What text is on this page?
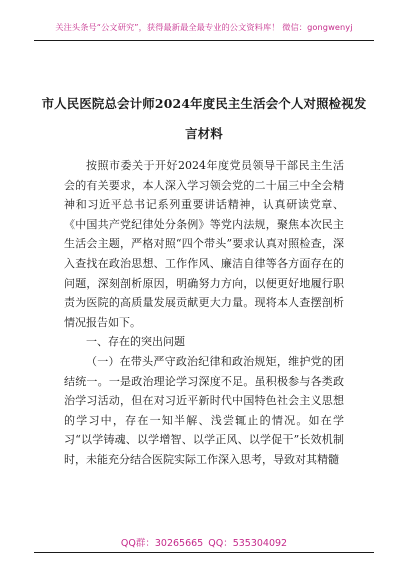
关注头条号“公文研究”，获得最新最全最专业的公文资料库！ 微信：gongwenyj
市人民医院总会计师2024年度民主生活会个人对照检视发
言材料

按照市委关于开好2024年度党员领导干部民主生活会的有关要求，本人深入学习领会党的二十届三中全会精神和习近平总书记系列重要讲话精神，认真研读党章、《中国共产党纪律处分条例》等党内法规，聚焦本次民主生活会主题，严格对照“四个带头”要求认真对照检查，深入查找在政治思想、工作作风、廉洁自律等各方面存在的问题，深刻剖析原因，明确努力方向，以便更好地履行职责为医院的高质量发展贡献更大力量。现将本人查摆剖析情况报告如下。

一、存在的突出问题

（一）在带头严守政治纪律和政治规矩，维护党的团结统一。一是政治理论学习深度不足。虽积极参与各类政治学习活动，但在对习近平新时代中国特色社会主义思想的学习中，存在一知半解、浅尝辄止的情况。如在学习“以学铸魂、以学增智、以学正风、以学促干”长效机制时，未能充分结合医院实际工作深入思考，导致对其精髓

QQ群：30265665 QQ：535304092
